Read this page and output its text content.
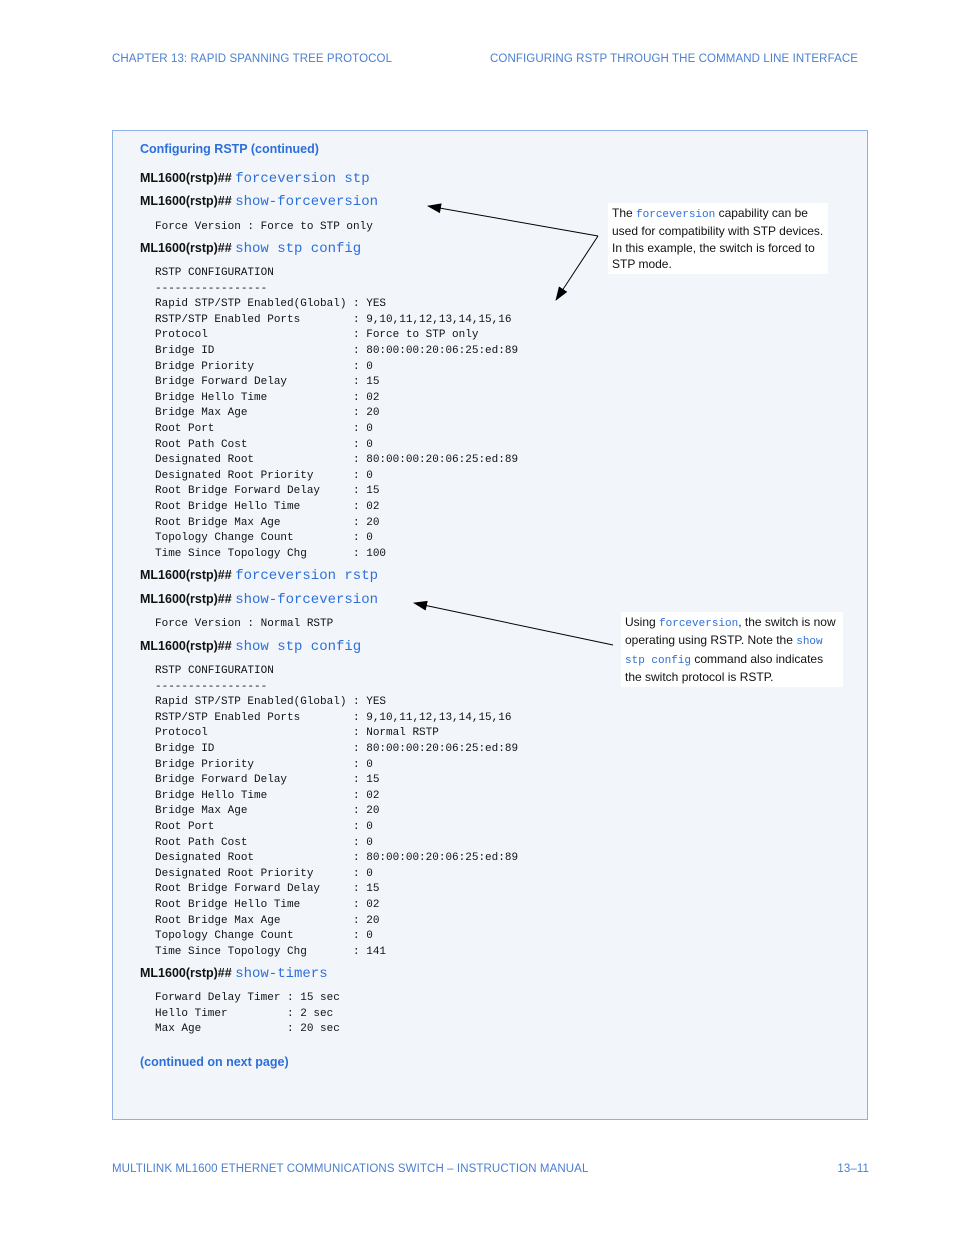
CHAPTER 13: RAPID SPANNING TREE PROTOCOL	CONFIGURING RSTP THROUGH THE COMMAND LINE INTERFACE
Configuring RSTP (continued)
ML1600(rstp)## forceversion stp
ML1600(rstp)## show-forceversion
Force Version : Force to STP only
ML1600(rstp)## show stp config
RSTP CONFIGURATION
-----------------
Rapid STP/STP Enabled(Global) : YES
RSTP/STP Enabled Ports        : 9,10,11,12,13,14,15,16
Protocol                      : Force to STP only
Bridge ID                     : 80:00:00:20:06:25:ed:89
Bridge Priority               : 0
Bridge Forward Delay          : 15
Bridge Hello Time             : 02
Bridge Max Age                : 20
Root Port                     : 0
Root Path Cost                : 0
Designated Root               : 80:00:00:20:06:25:ed:89
Designated Root Priority      : 0
Root Bridge Forward Delay     : 15
Root Bridge Hello Time        : 02
Root Bridge Max Age           : 20
Topology Change Count         : 0
Time Since Topology Chg       : 100
ML1600(rstp)## forceversion rstp
ML1600(rstp)## show-forceversion
Force Version : Normal RSTP
ML1600(rstp)## show stp config
RSTP CONFIGURATION
-----------------
Rapid STP/STP Enabled(Global) : YES
RSTP/STP Enabled Ports        : 9,10,11,12,13,14,15,16
Protocol                      : Normal RSTP
Bridge ID                     : 80:00:00:20:06:25:ed:89
Bridge Priority               : 0
Bridge Forward Delay          : 15
Bridge Hello Time             : 02
Bridge Max Age                : 20
Root Port                     : 0
Root Path Cost                : 0
Designated Root               : 80:00:00:20:06:25:ed:89
Designated Root Priority      : 0
Root Bridge Forward Delay     : 15
Root Bridge Hello Time        : 02
Root Bridge Max Age           : 20
Topology Change Count         : 0
Time Since Topology Chg       : 141
ML1600(rstp)## show-timers
Forward Delay Timer : 15 sec
Hello Timer         : 2 sec
Max Age             : 20 sec
(continued on next page)
The forceversion capability can be used for compatibility with STP devices. In this example, the switch is forced to STP mode.
Using forceversion, the switch is now operating using RSTP. Note the show stp config command also indicates the switch protocol is RSTP.
MULTILINK ML1600 ETHERNET COMMUNICATIONS SWITCH – INSTRUCTION MANUAL	13–11
